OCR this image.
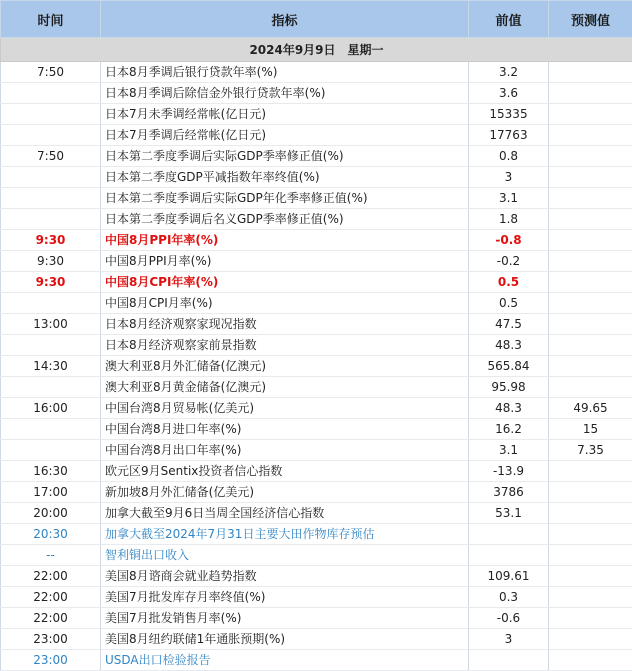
时间	指标	前值	预测值
2024年9月9日　星期一			
7:50	日本8月季调后银行贷款年率(%)	3.2	
	日本8月季调后除信金外银行贷款年率(%)	3.6	
	日本7月未季调经常帐(亿日元)	15335	
	日本7月季调后经常帐(亿日元)	17763	
7:50	日本第二季度季调后实际GDP季率修正值(%)	0.8	
	日本第二季度GDP平减指数年率终值(%)	3	
	日本第二季度季调后实际GDP年化季率修正值(%)	3.1	
	日本第二季度季调后名义GDP季率修正值(%)	1.8	
9:30	中国8月PPI年率(%)	-0.8	
9:30	中国8月PPI月率(%)	-0.2	
9:30	中国8月CPI年率(%)	0.5	
	中国8月CPI月率(%)	0.5	
13:00	日本8月经济观察家现况指数	47.5	
	日本8月经济观察家前景指数	48.3	
14:30	澳大利亚8月外汇储备(亿澳元)	565.84	
	澳大利亚8月黄金储备(亿澳元)	95.98	
16:00	中国台湾8月贸易帐(亿美元)	48.3	49.65
	中国台湾8月进口年率(%)	16.2	15
	中国台湾8月出口年率(%)	3.1	7.35
16:30	欧元区9月Sentix投资者信心指数	-13.9	
17:00	新加坡8月外汇储备(亿美元)	3786	
20:00	加拿大截至9月6日当周全国经济信心指数	53.1	
20:30	加拿大截至2024年7月31日主要大田作物库存预估		
--	智利铜出口收入		
22:00	美国8月谘商会就业趋势指数	109.61	
22:00	美国7月批发库存月率终值(%)	0.3	
22:00	美国7月批发销售月率(%)	-0.6	
23:00	美国8月纽约联储1年通胀预期(%)	3	
23:00	USDA出口检验报告		
